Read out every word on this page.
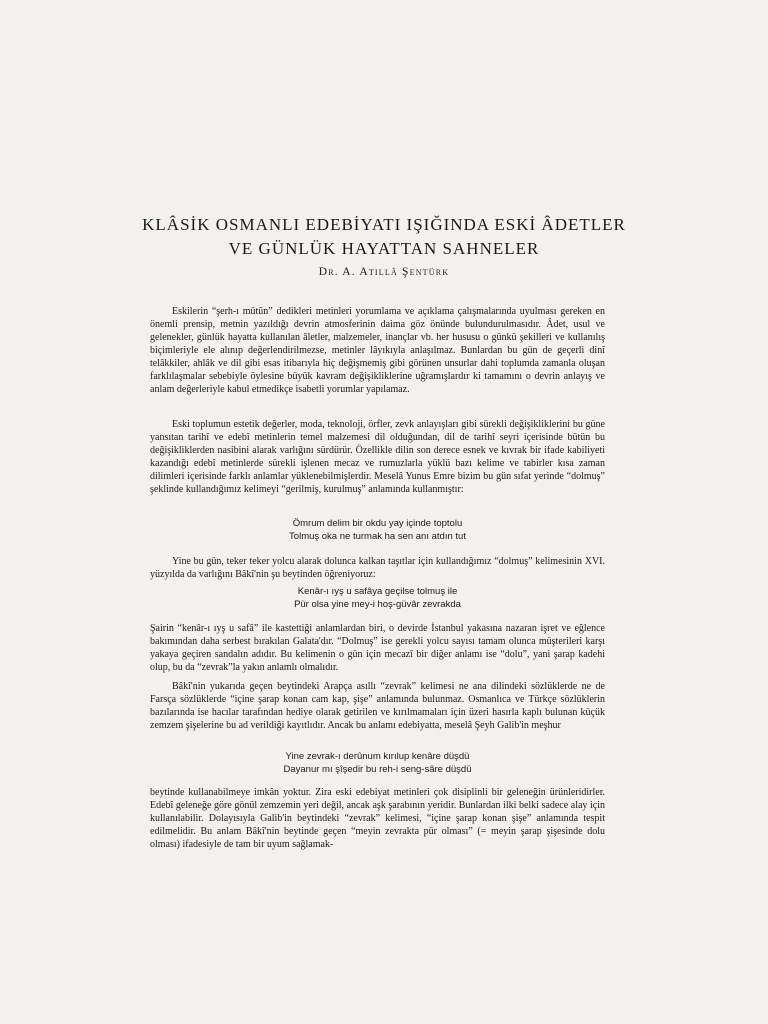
KLÂSİK OSMANLI EDEBİYATI IŞIĞINDA ESKİ ÂDETLER
VE GÜNLÜK HAYATTAN SAHNELER

Dr. A. Atillâ Şentürk

Eskilerin “şerh-ı mütûn” dedikleri metinleri yorumlama ve açıklama çalışmalarında uyulması gereken en önemli prensip, metnin yazıldığı devrin atmosferinin daima göz önünde bulundurulmasıdır. Âdet, usul ve gelenekler, günlük hayatta kullanılan âletler, malzemeler, inançlar vb. her hususu o günkü şekilleri ve kullanılış biçimleriyle ele alınıp değerlendirilmezse, metinler lâyıkıyla anlaşılmaz. Bunlardan bu gün de geçerli dinî telâkkiler, ahlâk ve dil gibi esas itibarıyla hiç değişmemiş gibi görünen unsurlar dahi toplumda zamanla oluşan farklılaşmalar sebebiyle öylesine büyük kavram değişikliklerine uğramışlardır ki tamamını o devrin anlayış ve anlam değerleriyle kabul etmedikçe isabetli yorumlar yapılamaz.

Eski toplumun estetik değerler, moda, teknoloji, örfler, zevk anlayışları gibi sürekli değişikliklerini bu güne yansıtan tarihî ve edebî metinlerin temel malzemesi dil olduğundan, dil de tarihî seyri içerisinde bütün bu değişikliklerden nasibini alarak varlığını sürdürür. Özellikle dilin son derece esnek ve kıvrak bir ifade kabiliyeti kazandığı edebî metinlerde sürekli işlenen mecaz ve rumuzlarla yüklü bazı kelime ve tabirler kısa zaman dilimleri içerisinde farklı anlamlar yüklenebilmişlerdir. Meselâ Yunus Emre bizim bu gün sıfat yerinde “dolmuş” şeklinde kullandığımız kelimeyi “gerilmiş, kurulmuş” anlamında kullanmıştır:

Ömrum delim bir okdu yay içinde toptolu
Tolmuş oka ne turmak ha sen anı atdın tut

Yine bu gün, teker teker yolcu alarak dolunca kalkan taşıtlar için kullandığımız “dolmuş” kelimesinin XVI. yüzyılda da varlığını Bâkî'nin şu beytinden öğreniyoruz:

Kenâr-ı ıyş u safâya geçilse tolmuş ile
Pür olsa yine mey-i hoş-güvâr zevrakda

Şairin “kenâr-ı ıyş u safâ” ile kastettiği anlamlardan biri, o devirde İstanbul yakasına nazaran işret ve eğlence bakımından daha serbest bırakılan Galata'dır. “Dolmuş” ise gerekli yolcu sayısı tamam olunca müşterileri karşı yakaya geçiren sandalın adıdır. Bu kelimenin o gün için mecazî bir diğer anlamı ise “dolu”, yani şarap kadehi olup, bu da “zevrak”la yakın anlamlı olmalıdır.

Bâkî'nin yukarıda geçen beytindeki Arapça asıllı “zevrak” kelimesi ne ana dilindeki sözlüklerde ne de Farsça sözlüklerde “içine şarap konan cam kap, şişe” anlamında bulunmaz. Osmanlıca ve Türkçe sözlüklerin bazılarında ise hacılar tarafından hediye olarak getirilen ve kırılmamaları için üzeri hasırla kaplı bulunan küçük zemzem şişelerine bu ad verildiği kayıtlıdır. Ancak bu anlamı edebiyatta, meselâ Şeyh Galib'in meşhur

Yine zevrak-ı derûnum kırılup kenâre düşdü
Dayanur mı şîşedir bu reh-i seng-sâre düşdü

beytinde kullanabilmeye imkân yoktur. Zira eski edebiyat metinleri çok disiplinli bir geleneğin ürünleridirler. Edebî geleneğe göre gönül zemzemin yeri değil, ancak aşk şarabının yeridir. Bunlardan ilki belki sadece alay için kullanılabilir. Dolayısıyla Galib'in beytindeki “zevrak” kelimesi, “içine şarap konan şişe” anlamında tespit edilmelidir. Bu anlam Bâkî'nin beytinde geçen “meyin zevrakta pür olması” (= meyin şarap şişesinde dolu olması) ifadesiyle de tam bir uyum sağlamak-
